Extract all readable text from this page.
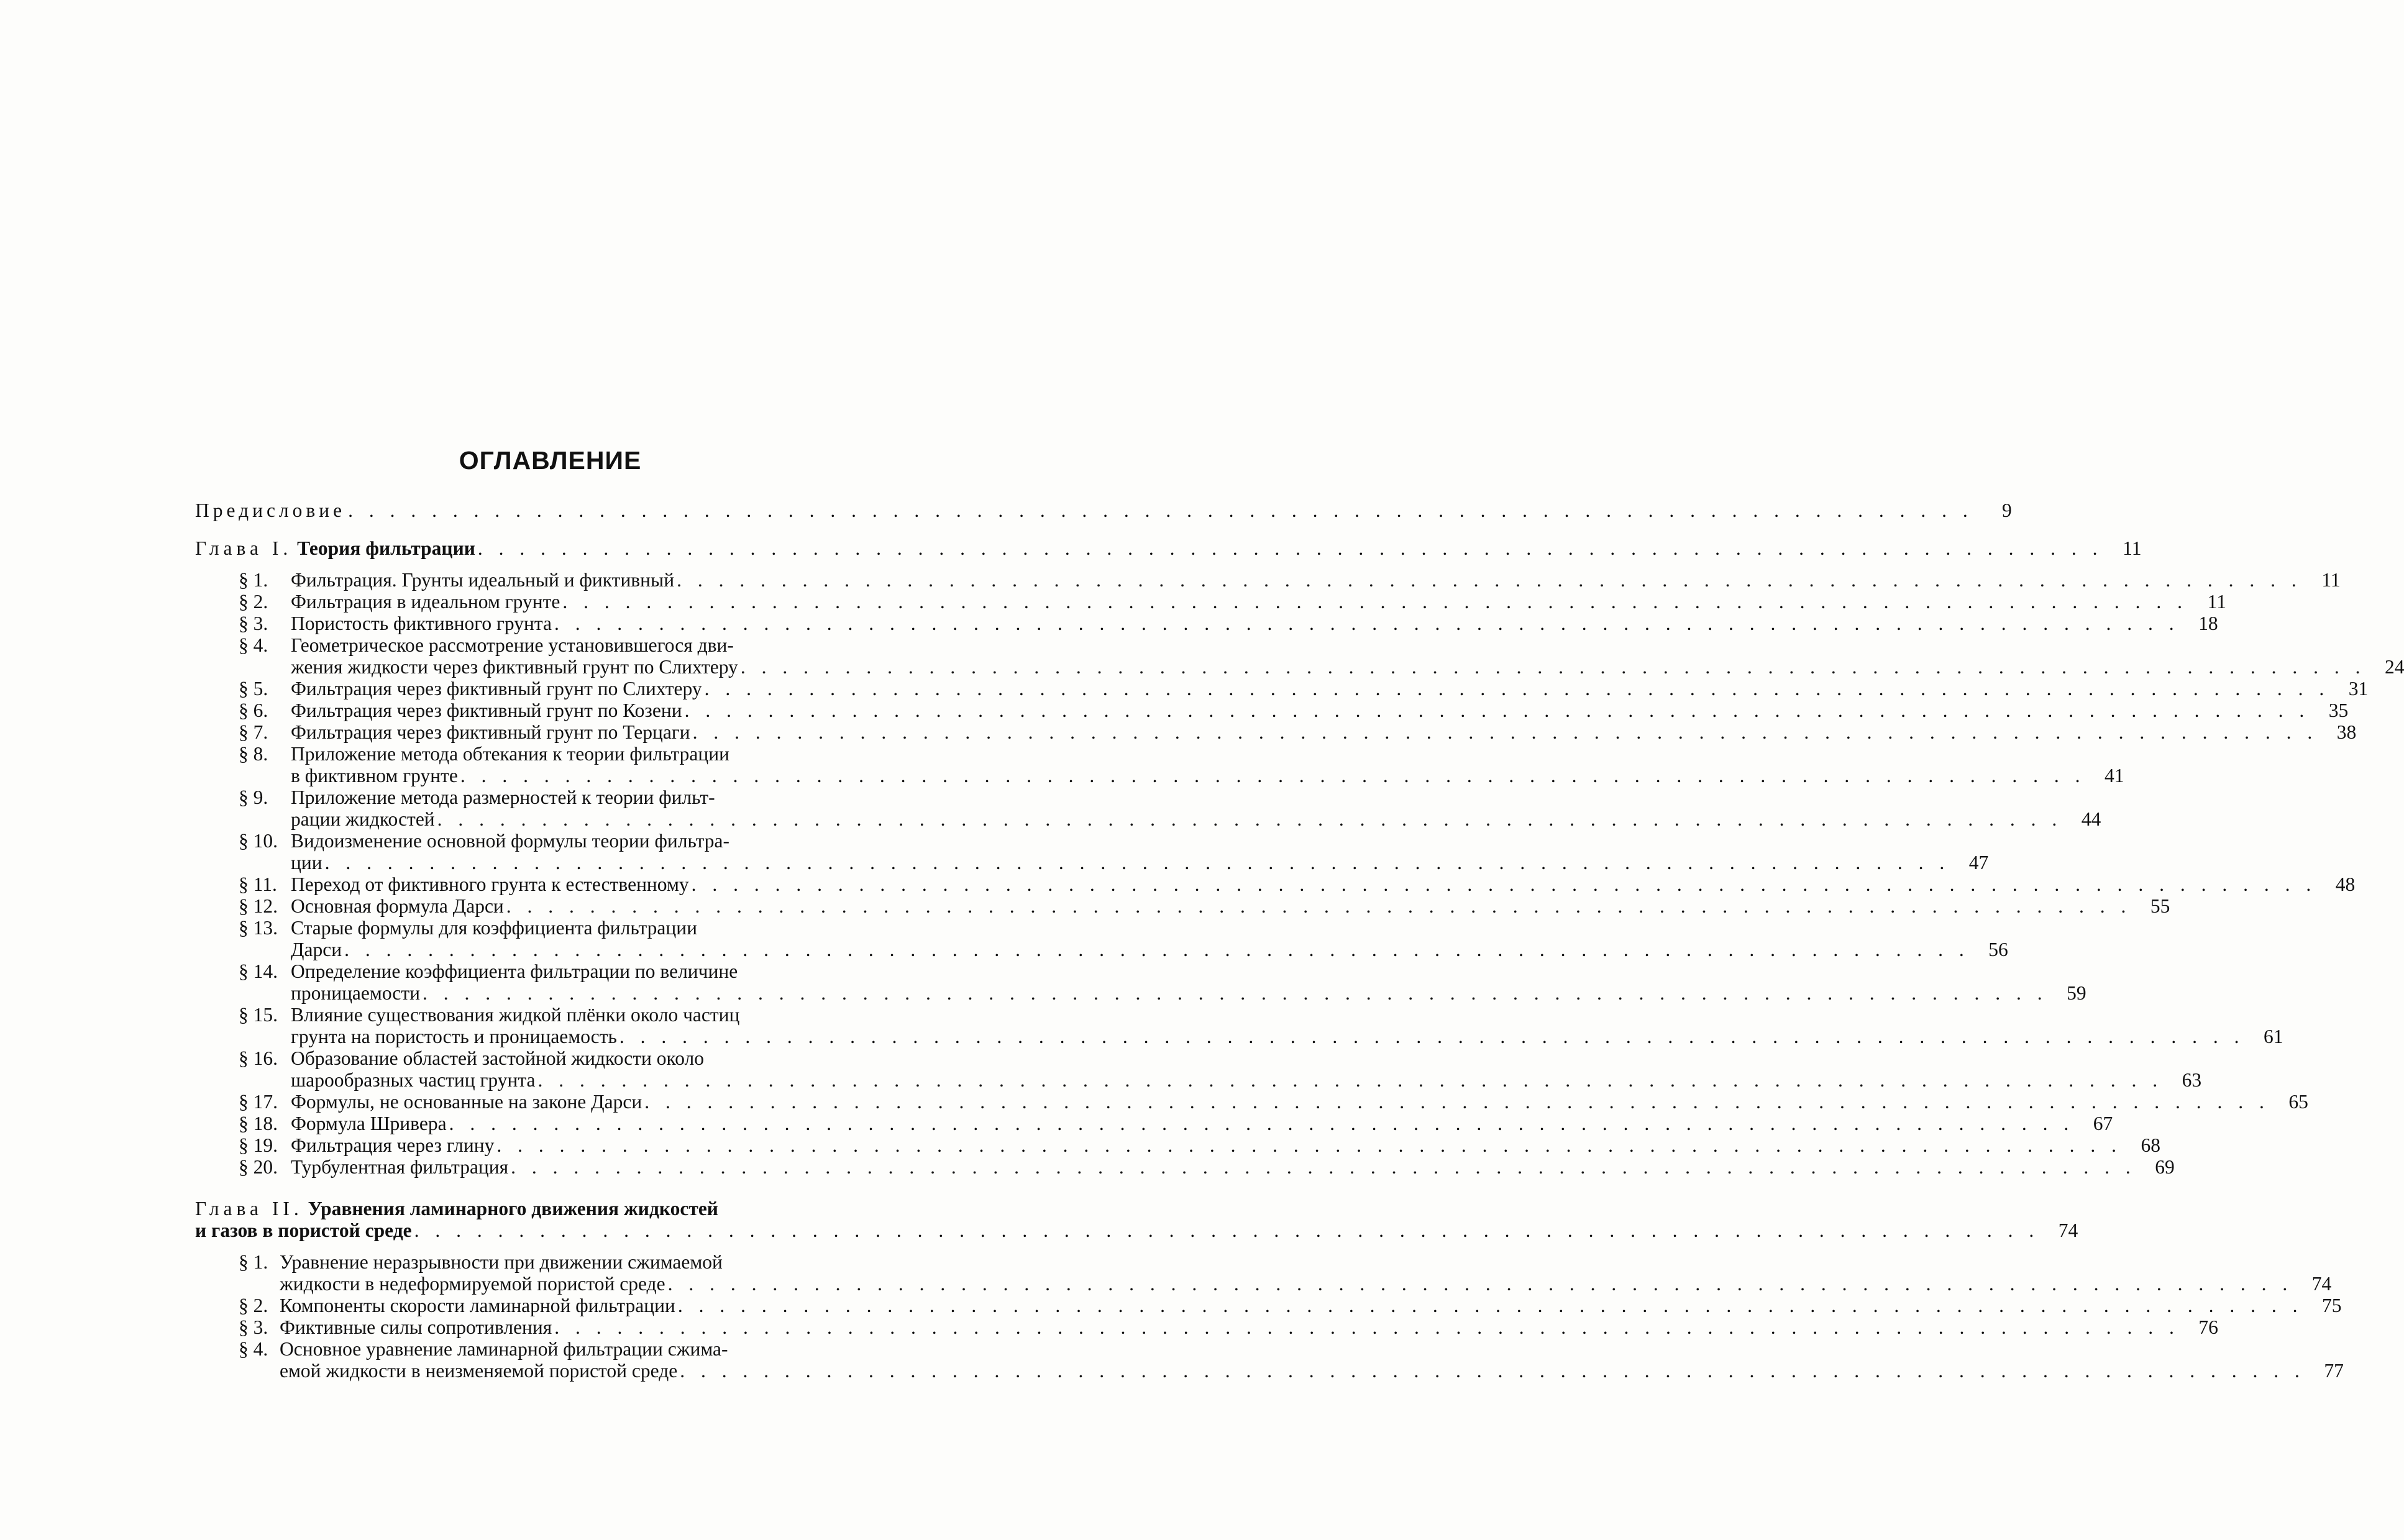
ОГЛАВЛЕНИЕ
Предисловие . . .	9
Глава I. Теория фильтрации . . .	11
§ 1.	Фильтрация. Грунты идеальный и фиктивный . . .	11
§ 2.	Фильтрация в идеальном грунте . . .	11
§ 3.	Пористость фиктивного грунта . . .	18
§ 4.	Геометрическое рассмотрение установившегося дви-
жения жидкости через фиктивный грунт по Слихтеру . . .	24
§ 5.	Фильтрация через фиктивный грунт по Слихтеру . . .	31
§ 6.	Фильтрация через фиктивный грунт по Козени . . .	35
§ 7.	Фильтрация через фиктивный грунт по Терцаги . . .	38
§ 8.	Приложение метода обтекания к теории фильтрации
в фиктивном грунте . . .	41
§ 9.	Приложение метода размерностей к теории фильт-
рации жидкостей . . .	44
§ 10. Видоизменение основной формулы теории фильтра-
ции . . .	47
§ 11. Переход от фиктивного грунта к естественному . . .	48
§ 12. Основная формула Дарси . . .	55
§ 13. Старые формулы для коэффициента фильтрации
Дарси . . .	56
§ 14. Определение коэффициента фильтрации по величине
проницаемости . . .	59
§ 15. Влияние существования жидкой плёнки около частиц
грунта на пористость и проницаемость . . .	61
§ 16. Образование областей застойной жидкости около
шарообразных частиц грунта . . .	63
§ 17. Формулы, не основанные на законе Дарси . . .	65
§ 18. Формула Шривера . . .	67
§ 19. Фильтрация через глину . . .	68
§ 20. Турбулентная фильтрация . . .	69
Глава II. Уравнения ламинарного движения жидкостей
и газов в пористой среде . . .	74
§ 1. Уравнение неразрывности при движении сжимаемой
жидкости в недеформируемой пористой среде . . .	74
§ 2. Компоненты скорости ламинарной фильтрации . . .	75
§ 3. Фиктивные силы сопротивления . . .	76
§ 4. Основное уравнение ламинарной фильтрации сжима-
емой жидкости в неизменяемой пористой среде . . .	77
